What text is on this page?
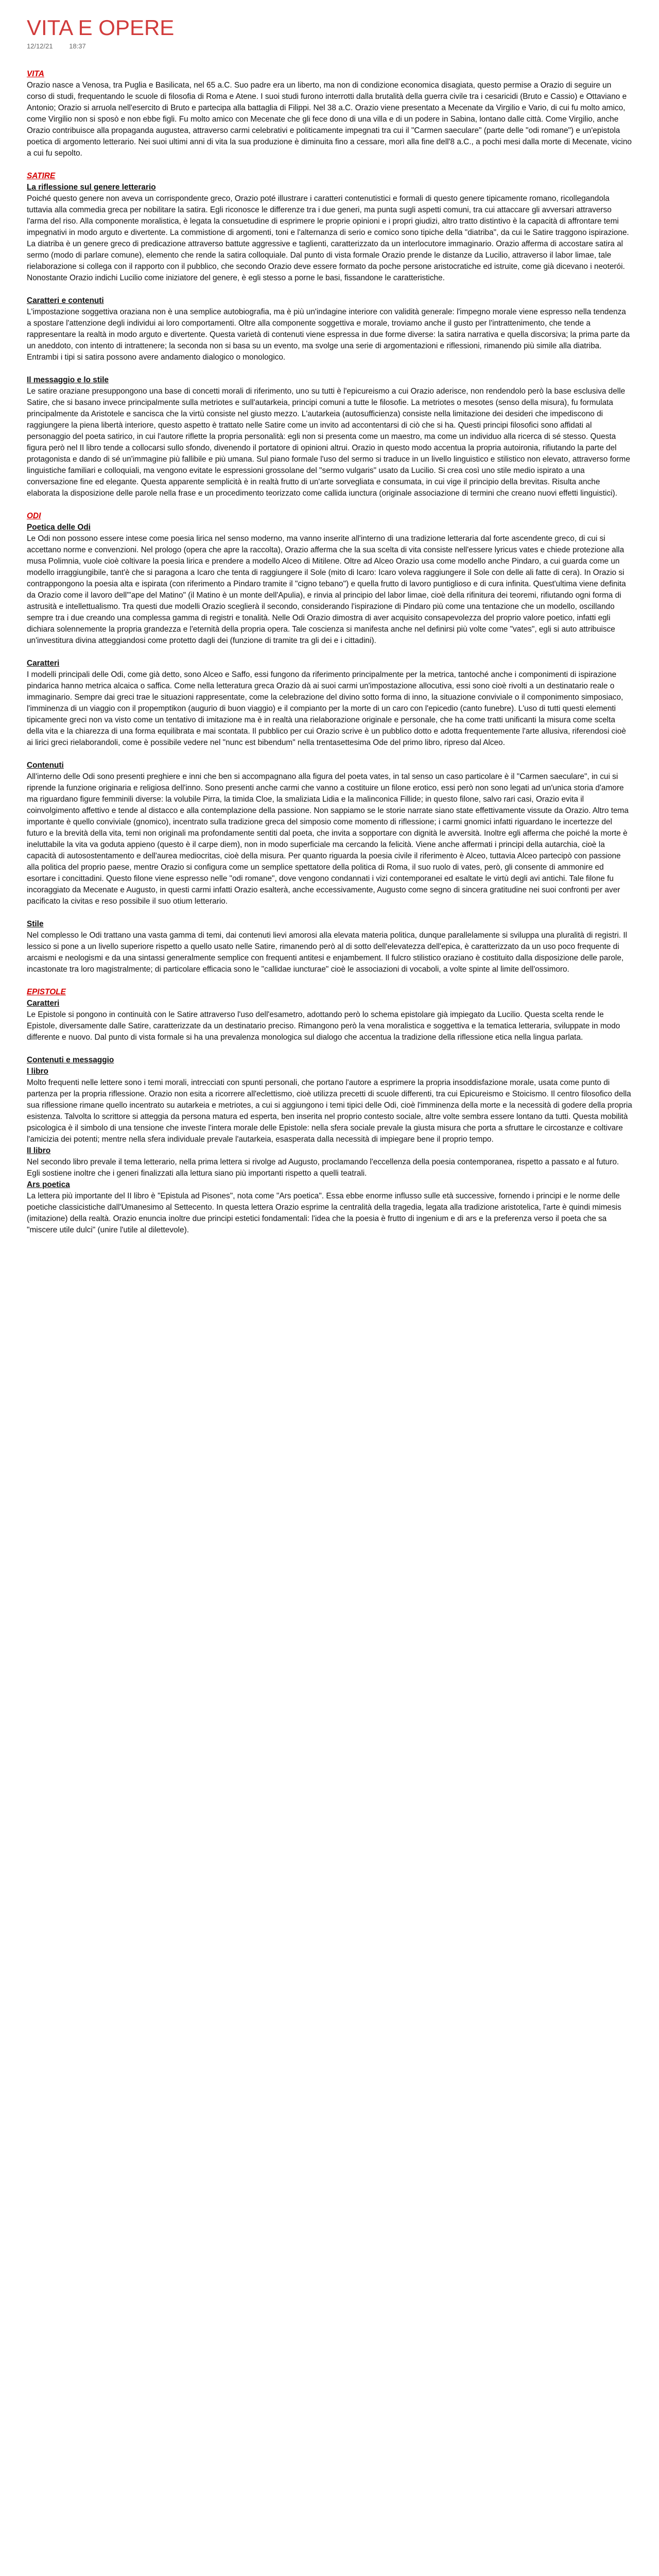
VITA E OPERE
12/12/21 18:37

VITA

Orazio nasce a Venosa, tra Puglia e Basilicata, nel 65 a.C. Suo padre era un liberto, ma non di condizione economica disagiata, questo permise a Orazio di seguire un corso di studi, frequentando le scuole di filosofia di Roma e Atene. I suoi studi furono interrotti dalla brutalità della guerra civile tra i cesaricidi (Bruto e Cassio) e Ottaviano e Antonio; Orazio si arruola nell'esercito di Bruto e partecipa alla battaglia di Filippi. Nel 38 a.C. Orazio viene presentato a Mecenate da Virgilio e Vario, di cui fu molto amico, come Virgilio non si sposò e non ebbe figli. Fu molto amico con Mecenate che gli fece dono di una villa e di un podere in Sabina, lontano dalle città. Come Virgilio, anche Orazio contribuisce alla propaganda augustea, attraverso carmi celebrativi e politicamente impegnati tra cui il "Carmen saeculare" (parte delle "odi romane") e un'epistola poetica di argomento letterario. Nei suoi ultimi anni di vita la sua produzione è diminuita fino a cessare, morì alla fine dell'8 a.C., a pochi mesi dalla morte di Mecenate, vicino a cui fu sepolto.

SATIRE

La riflessione sul genere letterario

Poiché questo genere non aveva un corrispondente greco, Orazio poté illustrare i caratteri contenutistici e formali di questo genere tipicamente romano, ricollegandola tuttavia alla commedia greca per nobilitare la satira. Egli riconosce le differenze tra i due generi, ma punta sugli aspetti comuni, tra cui attaccare gli avversari attraverso l'arma del riso. Alla componente moralistica, è legata la consuetudine di esprimere le proprie opinioni e i propri giudizi, altro tratto distintivo è la capacità di affrontare temi impegnativi in modo arguto e divertente. La commistione di argomenti, toni e l'alternanza di serio e comico sono tipiche della "diatriba", da cui le Satire traggono ispirazione. La diatriba è un genere greco di predicazione attraverso battute aggressive e taglienti, caratterizzato da un interlocutore immaginario. Orazio afferma di accostare satira al sermo (modo di parlare comune), elemento che rende la satira colloquiale. Dal punto di vista formale Orazio prende le distanze da Lucilio, attraverso il labor limae, tale rielaborazione si collega con il rapporto con il pubblico, che secondo Orazio deve essere formato da poche persone aristocratiche ed istruite, come già dicevano i neoterói. Nonostante Orazio indichi Lucilio come iniziatore del genere, è egli stesso a porne le basi, fissandone le caratteristiche.

Caratteri e contenuti

L'impostazione soggettiva oraziana non è una semplice autobiografia, ma è più un'indagine interiore con validità generale: l'impegno morale viene espresso nella tendenza a spostare l'attenzione degli individui ai loro comportamenti. Oltre alla componente soggettiva e morale, troviamo anche il gusto per l'intrattenimento, che tende a rappresentare la realtà in modo arguto e divertente. Questa varietà di contenuti viene espressa in due forme diverse: la satira narrativa e quella discorsiva; la prima parte da un aneddoto, con intento di intrattenere; la seconda non si basa su un evento, ma svolge una serie di argomentazioni e riflessioni, rimanendo più simile alla diatriba. Entrambi i tipi si satira possono avere andamento dialogico o monologico.

Il messaggio e lo stile

Le satire oraziane presuppongono una base di concetti morali di riferimento, uno su tutti è l'epicureismo a cui Orazio aderisce, non rendendolo però la base esclusiva delle Satire, che si basano invece principalmente sulla metriotes e sull'autarkeia, principi comuni a tutte le filosofie. La metriotes o mesotes (senso della misura), fu formulata principalmente da Aristotele e sancisca che la virtù consiste nel giusto mezzo. L'autarkeia (autosufficienza) consiste nella limitazione dei desideri che impediscono di raggiungere la piena libertà interiore, questo aspetto è trattato nelle Satire come un invito ad accontentarsi di ciò che si ha. Questi principi filosofici sono affidati al personaggio del poeta satirico, in cui l'autore riflette la propria personalità: egli non si presenta come un maestro, ma come un individuo alla ricerca di sé stesso. Questa figura però nel II libro tende a collocarsi sullo sfondo, divenendo il portatore di opinioni altrui. Orazio in questo modo accentua la propria autoironia, rifiutando la parte del protagonista e dando di sé un'immagine più fallibile e più umana. Sul piano formale l'uso del sermo si traduce in un livello linguistico e stilistico non elevato, attraverso forme linguistiche familiari e colloquiali, ma vengono evitate le espressioni grossolane del "sermo vulgaris" usato da Lucilio. Si crea così uno stile medio ispirato a una conversazione fine ed elegante. Questa apparente semplicità è in realtà frutto di un'arte sorvegliata e consumata, in cui vige il principio della brevitas. Risulta anche elaborata la disposizione delle parole nella frase e un procedimento teorizzato come callida iunctura (originale associazione di termini che creano nuovi effetti linguistici).

ODI

Poetica delle Odi

Le Odi non possono essere intese come poesia lirica nel senso moderno, ma vanno inserite all'interno di una tradizione letteraria dal forte ascendente greco, di cui si accettano norme e convenzioni. Nel prologo (opera che apre la raccolta), Orazio afferma che la sua scelta di vita consiste nell'essere lyricus vates e chiede protezione alla musa Polimnia, vuole cioè coltivare la poesia lirica e prendere a modello Alceo di Mitilene. Oltre ad Alceo Orazio usa come modello anche Pindaro, a cui guarda come un modello irraggiungibile, tant'è che si paragona a Icaro che tenta di raggiungere il Sole (mito di Icaro: Icaro voleva raggiungere il Sole con delle ali fatte di cera). In Orazio si contrappongono la poesia alta e ispirata (con riferimento a Pindaro tramite il "cigno tebano") e quella frutto di lavoro puntiglioso e di cura infinita. Quest'ultima viene definita da Orazio come il lavoro dell'"ape del Matino" (il Matino è un monte dell'Apulia), e rinvia al principio del labor limae, cioè della rifinitura dei teoremi, rifiutando ogni forma di astrusità e intellettualismo. Tra questi due modelli Orazio sceglierà il secondo, considerando l'ispirazione di Pindaro più come una tentazione che un modello, oscillando sempre tra i due creando una complessa gamma di registri e tonalità. Nelle Odi Orazio dimostra di aver acquisito consapevolezza del proprio valore poetico, infatti egli dichiara solennemente la propria grandezza e l'eternità della propria opera. Tale coscienza si manifesta anche nel definirsi più volte come "vates", egli si auto attribuisce un'investitura divina atteggiandosi come protetto dagli dei (funzione di tramite tra gli dei e i cittadini).

Caratteri

I modelli principali delle Odi, come già detto, sono Alceo e Saffo, essi fungono da riferimento principalmente per la metrica, tantoché anche i componimenti di ispirazione pindarica hanno metrica alcaica o saffica. Come nella letteratura greca Orazio dà ai suoi carmi un'impostazione allocutiva, essi sono cioè rivolti a un destinatario reale o immaginario. Sempre dai greci trae le situazioni rappresentate, come la celebrazione del divino sotto forma di inno, la situazione conviviale o il componimento simposiaco, l'imminenza di un viaggio con il propemptikon (augurio di buon viaggio) e il compianto per la morte di un caro con l'epicedio (canto funebre). L'uso di tutti questi elementi tipicamente greci non va visto come un tentativo di imitazione ma è in realtà una rielaborazione originale e personale, che ha come tratti unificanti la misura come scelta della vita e la chiarezza di una forma equilibrata e mai scontata. Il pubblico per cui Orazio scrive è un pubblico dotto e adotta frequentemente l'arte allusiva, riferendosi cioè ai lirici greci rielaborandoli, come è possibile vedere nel "nunc est bibendum" nella trentasettesima Ode del primo libro, ripreso dal Alceo.

Contenuti

All'interno delle Odi sono presenti preghiere e inni che ben si accompagnano alla figura del poeta vates, in tal senso un caso particolare è il "Carmen saeculare", in cui si riprende la funzione originaria e religiosa dell'inno. Sono presenti anche carmi che vanno a costituire un filone erotico, essi però non sono legati ad un'unica storia d'amore ma riguardano figure femminili diverse: la volubile Pirra, la timida Cloe, la smaliziata Lidia e la malinconica Fillide; in questo filone, salvo rari casi, Orazio evita il coinvolgimento affettivo e tende al distacco e alla contemplazione della passione. Non sappiamo se le storie narrate siano state effettivamente vissute da Orazio. Altro tema importante è quello conviviale (gnomico), incentrato sulla tradizione greca del simposio come momento di riflessione; i carmi gnomici infatti riguardano le incertezze del futuro e la brevità della vita, temi non originali ma profondamente sentiti dal poeta, che invita a sopportare con dignità le avversità. Inoltre egli afferma che poiché la morte è ineluttabile la vita va goduta appieno (questo è il carpe diem), non in modo superficiale ma cercando la felicità. Viene anche affermati i principi della autarchia, cioè la capacità di autosostentamento e dell'aurea mediocritas, cioè della misura. Per quanto riguarda la poesia civile il riferimento è Alceo, tuttavia Alceo partecipò con passione alla politica del proprio paese, mentre Orazio si configura come un semplice spettatore della politica di Roma, il suo ruolo di vates, però, gli consente di ammonire ed esortare i concittadini. Questo filone viene espresso nelle "odi romane", dove vengono condannati i vizi contemporanei ed esaltate le virtù degli avi antichi. Tale filone fu incoraggiato da Mecenate e Augusto, in questi carmi infatti Orazio esalterà, anche eccessivamente, Augusto come segno di sincera gratitudine nei suoi confronti per aver pacificato la civitas e reso possibile il suo otium letterario.

Stile

Nel complesso le Odi trattano una vasta gamma di temi, dai contenuti lievi amorosi alla elevata materia politica, dunque parallelamente si sviluppa una pluralità di registri. Il lessico si pone a un livello superiore rispetto a quello usato nelle Satire, rimanendo però al di sotto dell'elevatezza dell'epica, è caratterizzato da un uso poco frequente di arcaismi e neologismi e da una sintassi generalmente semplice con frequenti antitesi e enjambement. Il fulcro stilistico oraziano è costituito dalla disposizione delle parole, incastonate tra loro magistralmente; di particolare efficacia sono le "callidae iuncturae" cioè le associazioni di vocaboli, a volte spinte al limite dell'ossimoro.

EPISTOLE

Caratteri

Le Epistole si pongono in continuità con le Satire attraverso l'uso dell'esametro, adottando però lo schema epistolare già impiegato da Lucilio. Questa scelta rende le Epistole, diversamente dalle Satire, caratterizzate da un destinatario preciso. Rimangono però la vena moralistica e soggettiva e la tematica letteraria, sviluppate in modo differente e nuovo. Dal punto di vista formale si ha una prevalenza monologica sul dialogo che accentua la tradizione della riflessione etica nella lingua parlata.

Contenuti e messaggio

I libro

Molto frequenti nelle lettere sono i temi morali, intrecciati con spunti personali, che portano l'autore a esprimere la propria insoddisfazione morale, usata come punto di partenza per la propria riflessione. Orazio non esita a ricorrere all'eclettismo, cioè utilizza precetti di scuole differenti, tra cui Epicureismo e Stoicismo. Il centro filosofico della sua riflessione rimane quello incentrato su autarkeia e metriotes, a cui si aggiungono i temi tipici delle Odi, cioè l'imminenza della morte e la necessità di godere della propria esistenza. Talvolta lo scrittore si atteggia da persona matura ed esperta, ben inserita nel proprio contesto sociale, altre volte sembra essere lontano da tutti. Questa mobilità psicologica è il simbolo di una tensione che investe l'intera morale delle Epistole: nella sfera sociale prevale la giusta misura che porta a sfruttare le circostanze e coltivare l'amicizia dei potenti; mentre nella sfera individuale prevale l'autarkeia, esasperata dalla necessità di impiegare bene il proprio tempo.

II libro

Nel secondo libro prevale il tema letterario, nella prima lettera si rivolge ad Augusto, proclamando l'eccellenza della poesia contemporanea, rispetto a passato e al futuro. Egli sostiene inoltre che i generi finalizzati alla lettura siano più importanti rispetto a quelli teatrali.

Ars poetica

La lettera più importante del II libro è "Epistula ad Pisones", nota come "Ars poetica". Essa ebbe enorme influsso sulle età successive, fornendo i principi e le norme delle poetiche classicistiche dall'Umanesimo al Settecento. In questa lettera Orazio esprime la centralità della tragedia, legata alla tradizione aristotelica, l'arte è quindi mimesis (imitazione) della realtà. Orazio enuncia inoltre due principi estetici fondamentali: l'idea che la poesia è frutto di ingenium e di ars e la preferenza verso il poeta che sa "miscere utile dulci" (unire l'utile al dilettevole).
